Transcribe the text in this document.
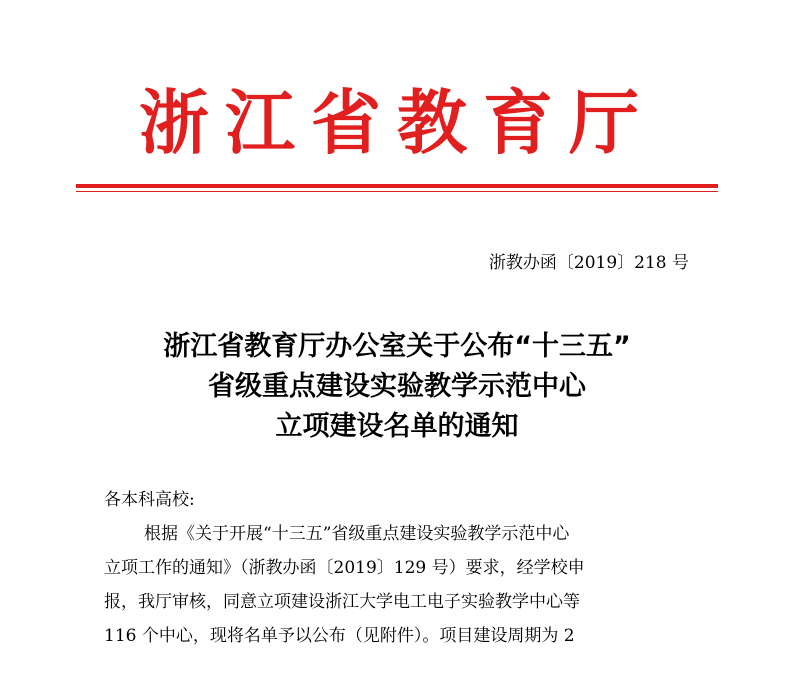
浙江省教育厅
浙教办函〔2019〕218 号
浙江省教育厅办公室关于公布“十三五”
省级重点建设实验教学示范中心
立项建设名单的通知

各本科高校:

根据《关于开展“十三五”省级重点建设实验教学示范中心

立项工作的通知》（浙教办函〔2019〕129 号）要求，经学校申

报，我厅审核，同意立项建设浙江大学电工电子实验教学中心等

116 个中心，现将名单予以公布（见附件）。项目建设周期为 2
